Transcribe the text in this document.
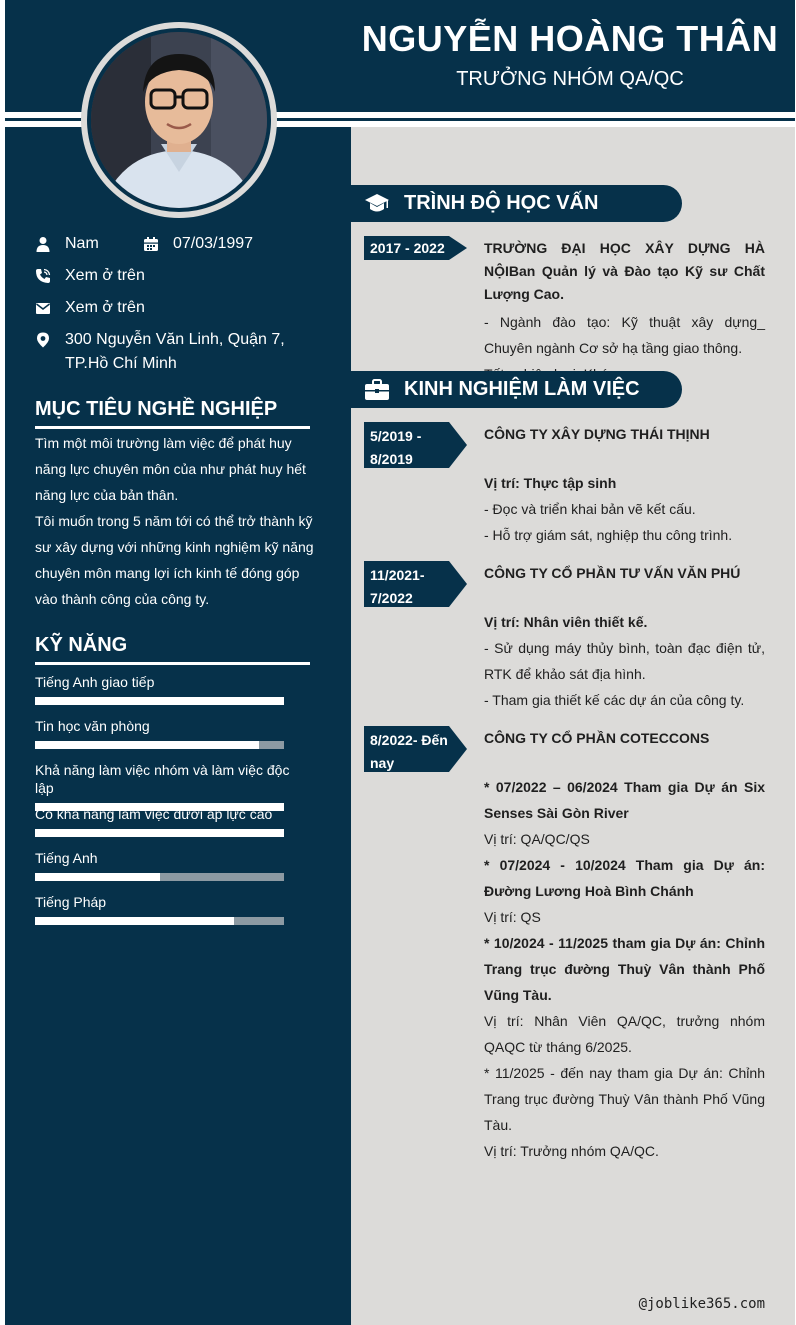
NGUYỄN HOÀNG THÂN
TRƯỞNG NHÓM QA/QC
Nam	07/03/1997
Xem ở trên
Xem ở trên
300 Nguyễn Văn Linh, Quận 7, TP.Hồ Chí Minh
MỤC TIÊU NGHỀ NGHIỆP
Tìm một môi trường làm việc để phát huy năng lực chuyên môn của như phát huy hết năng lực của bản thân.
Tôi muốn trong 5 năm tới có thể trở thành kỹ sư xây dựng với những kinh nghiệm kỹ năng chuyên môn mang lợi ích kinh tế đóng góp vào thành công của công ty.
KỸ NĂNG
Tiếng Anh giao tiếp
Tin học văn phòng
Khả năng làm việc nhóm và làm việc độc lập
Có khả năng làm việc dưới áp lực cao
Tiếng Anh
Tiếng Pháp
TRÌNH ĐỘ HỌC VẤN
2017 - 2022	TRƯỜNG ĐẠI HỌC XÂY DỰNG HÀ NỘIBan Quản lý và Đào tạo Kỹ sư Chất Lượng Cao.
- Ngành đào tạo: Kỹ thuật xây dựng_ Chuyên ngành Cơ sở hạ tầng giao thông.
KINH NGHIỆM LÀM VIỆC
5/2019 - 8/2019
CÔNG TY XÂY DỰNG THÁI THỊNH
Vị trí: Thực tập sinh
- Đọc và triển khai bản vẽ kết cấu.
- Hỗ trợ giám sát, nghiệp thu công trình.
11/2021- 7/2022
CÔNG TY CỔ PHẦN TƯ VẤN VĂN PHÚ
Vị trí: Nhân viên thiết kế.
- Sử dụng máy thủy bình, toàn đạc điện tử, RTK để khảo sát địa hình.
- Tham gia thiết kế các dự án của công ty.
8/2022- Đến nay
CÔNG TY CỔ PHẦN COTECCONS
* 07/2022 – 06/2024 Tham gia Dự án Six Senses Sài Gòn River
Vị trí: QA/QC/QS
* 07/2024 - 10/2024 Tham gia Dự án: Đường Lương Hoà Bình Chánh
Vị trí: QS
* 10/2024 - 11/2025 tham gia Dự án: Chỉnh Trang trục đường Thuỳ Vân thành Phố Vũng Tàu.
Vị trí: Nhân Viên QA/QC, trưởng nhóm QAQC từ tháng 6/2025.
* 11/2025 - đến nay tham gia Dự án: Chỉnh Trang trục đường Thuỳ Vân thành Phố Vũng Tàu.
Vị trí: Trưởng nhóm QA/QC.
@joblike365.com
